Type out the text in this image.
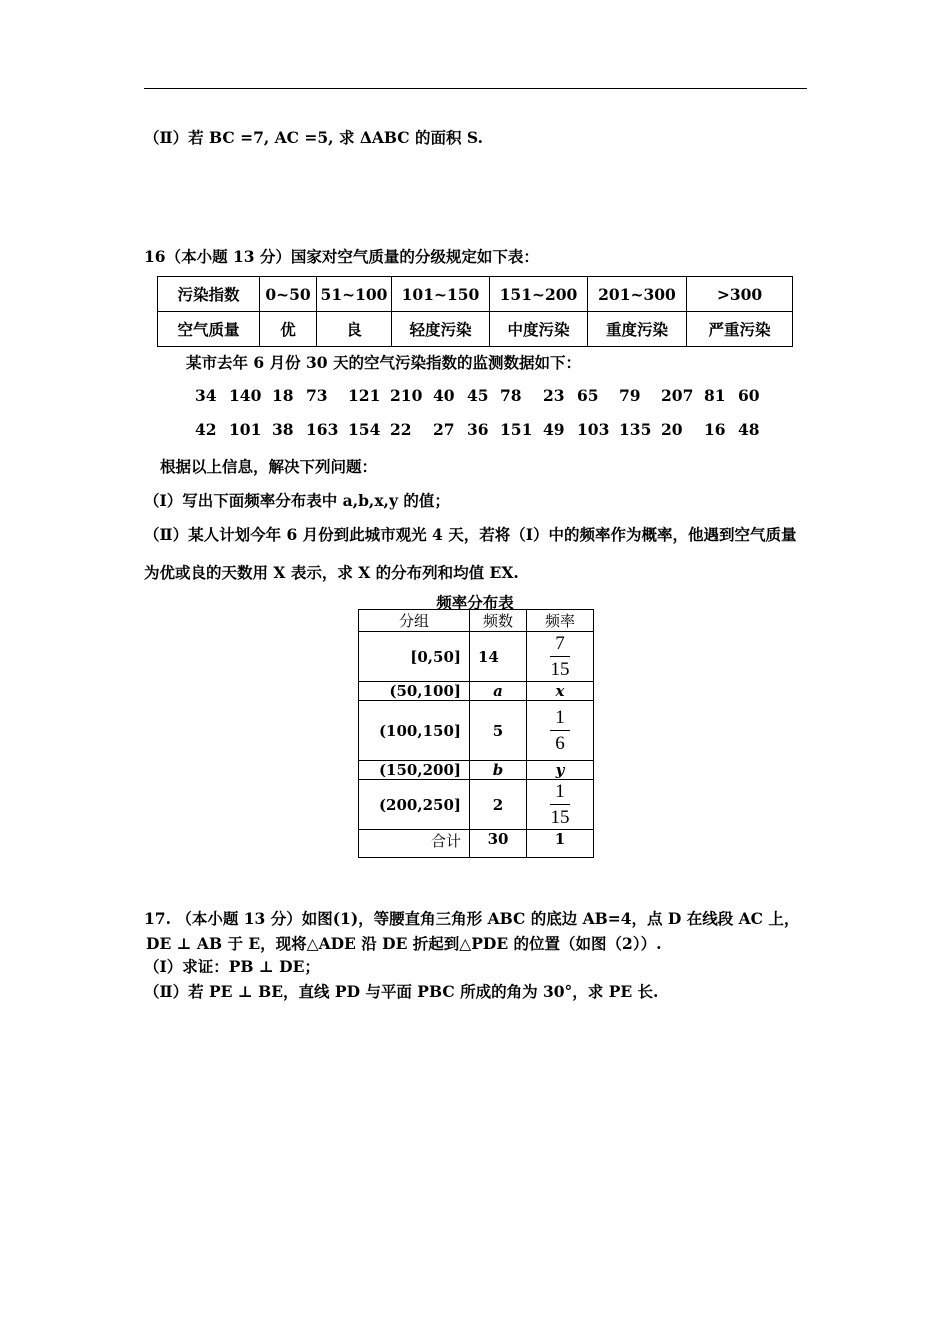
（Ⅱ）若 BC =7, AC =5, 求 ΔABC 的面积 S.
16（本小题 13 分）国家对空气质量的分级规定如下表：
污染指数	0~50	51~100	101~150	151~200	201~300	>300
空气质量	优	良	轻度污染	中度污染	重度污染	严重污染
某市去年 6 月份 30 天的空气污染指数的监测数据如下：
34 140 18 73 121 210 40 45 78 23 65 79 207 81 60
42 101 38 163 154 22 27 36 151 49 103 135 20 16 48
根据以上信息，解决下列问题：
（Ⅰ）写出下面频率分布表中 a,b,x,y 的值；
（Ⅱ）某人计划今年 6 月份到此城市观光 4 天，若将（Ⅰ）中的频率作为概率，他遇到空气质量
为优或良的天数用 X 表示，求 X 的分布列和均值 EX.
频率分布表
分组	频数	频率
[0,50]	14	$\frac{7}{15}$

(50,100]	a	x
(100,150]	5	$\frac{1}{6}$

(150,200]	b	y
(200,250]	2	$\frac{1}{15}$

合计	30	1
17. （本小题 13 分）如图(1)，等腰直角三角形 ABC 的底边 AB=4，点 D 在线段 AC 上，
DE ⊥ AB 于 E，现将△ADE 沿 DE 折起到△PDE 的位置（如图（2））.
（Ⅰ）求证：PB ⊥ DE；
（Ⅱ）若 PE ⊥ BE，直线 PD 与平面 PBC 所成的角为 30°，求 PE 长.
